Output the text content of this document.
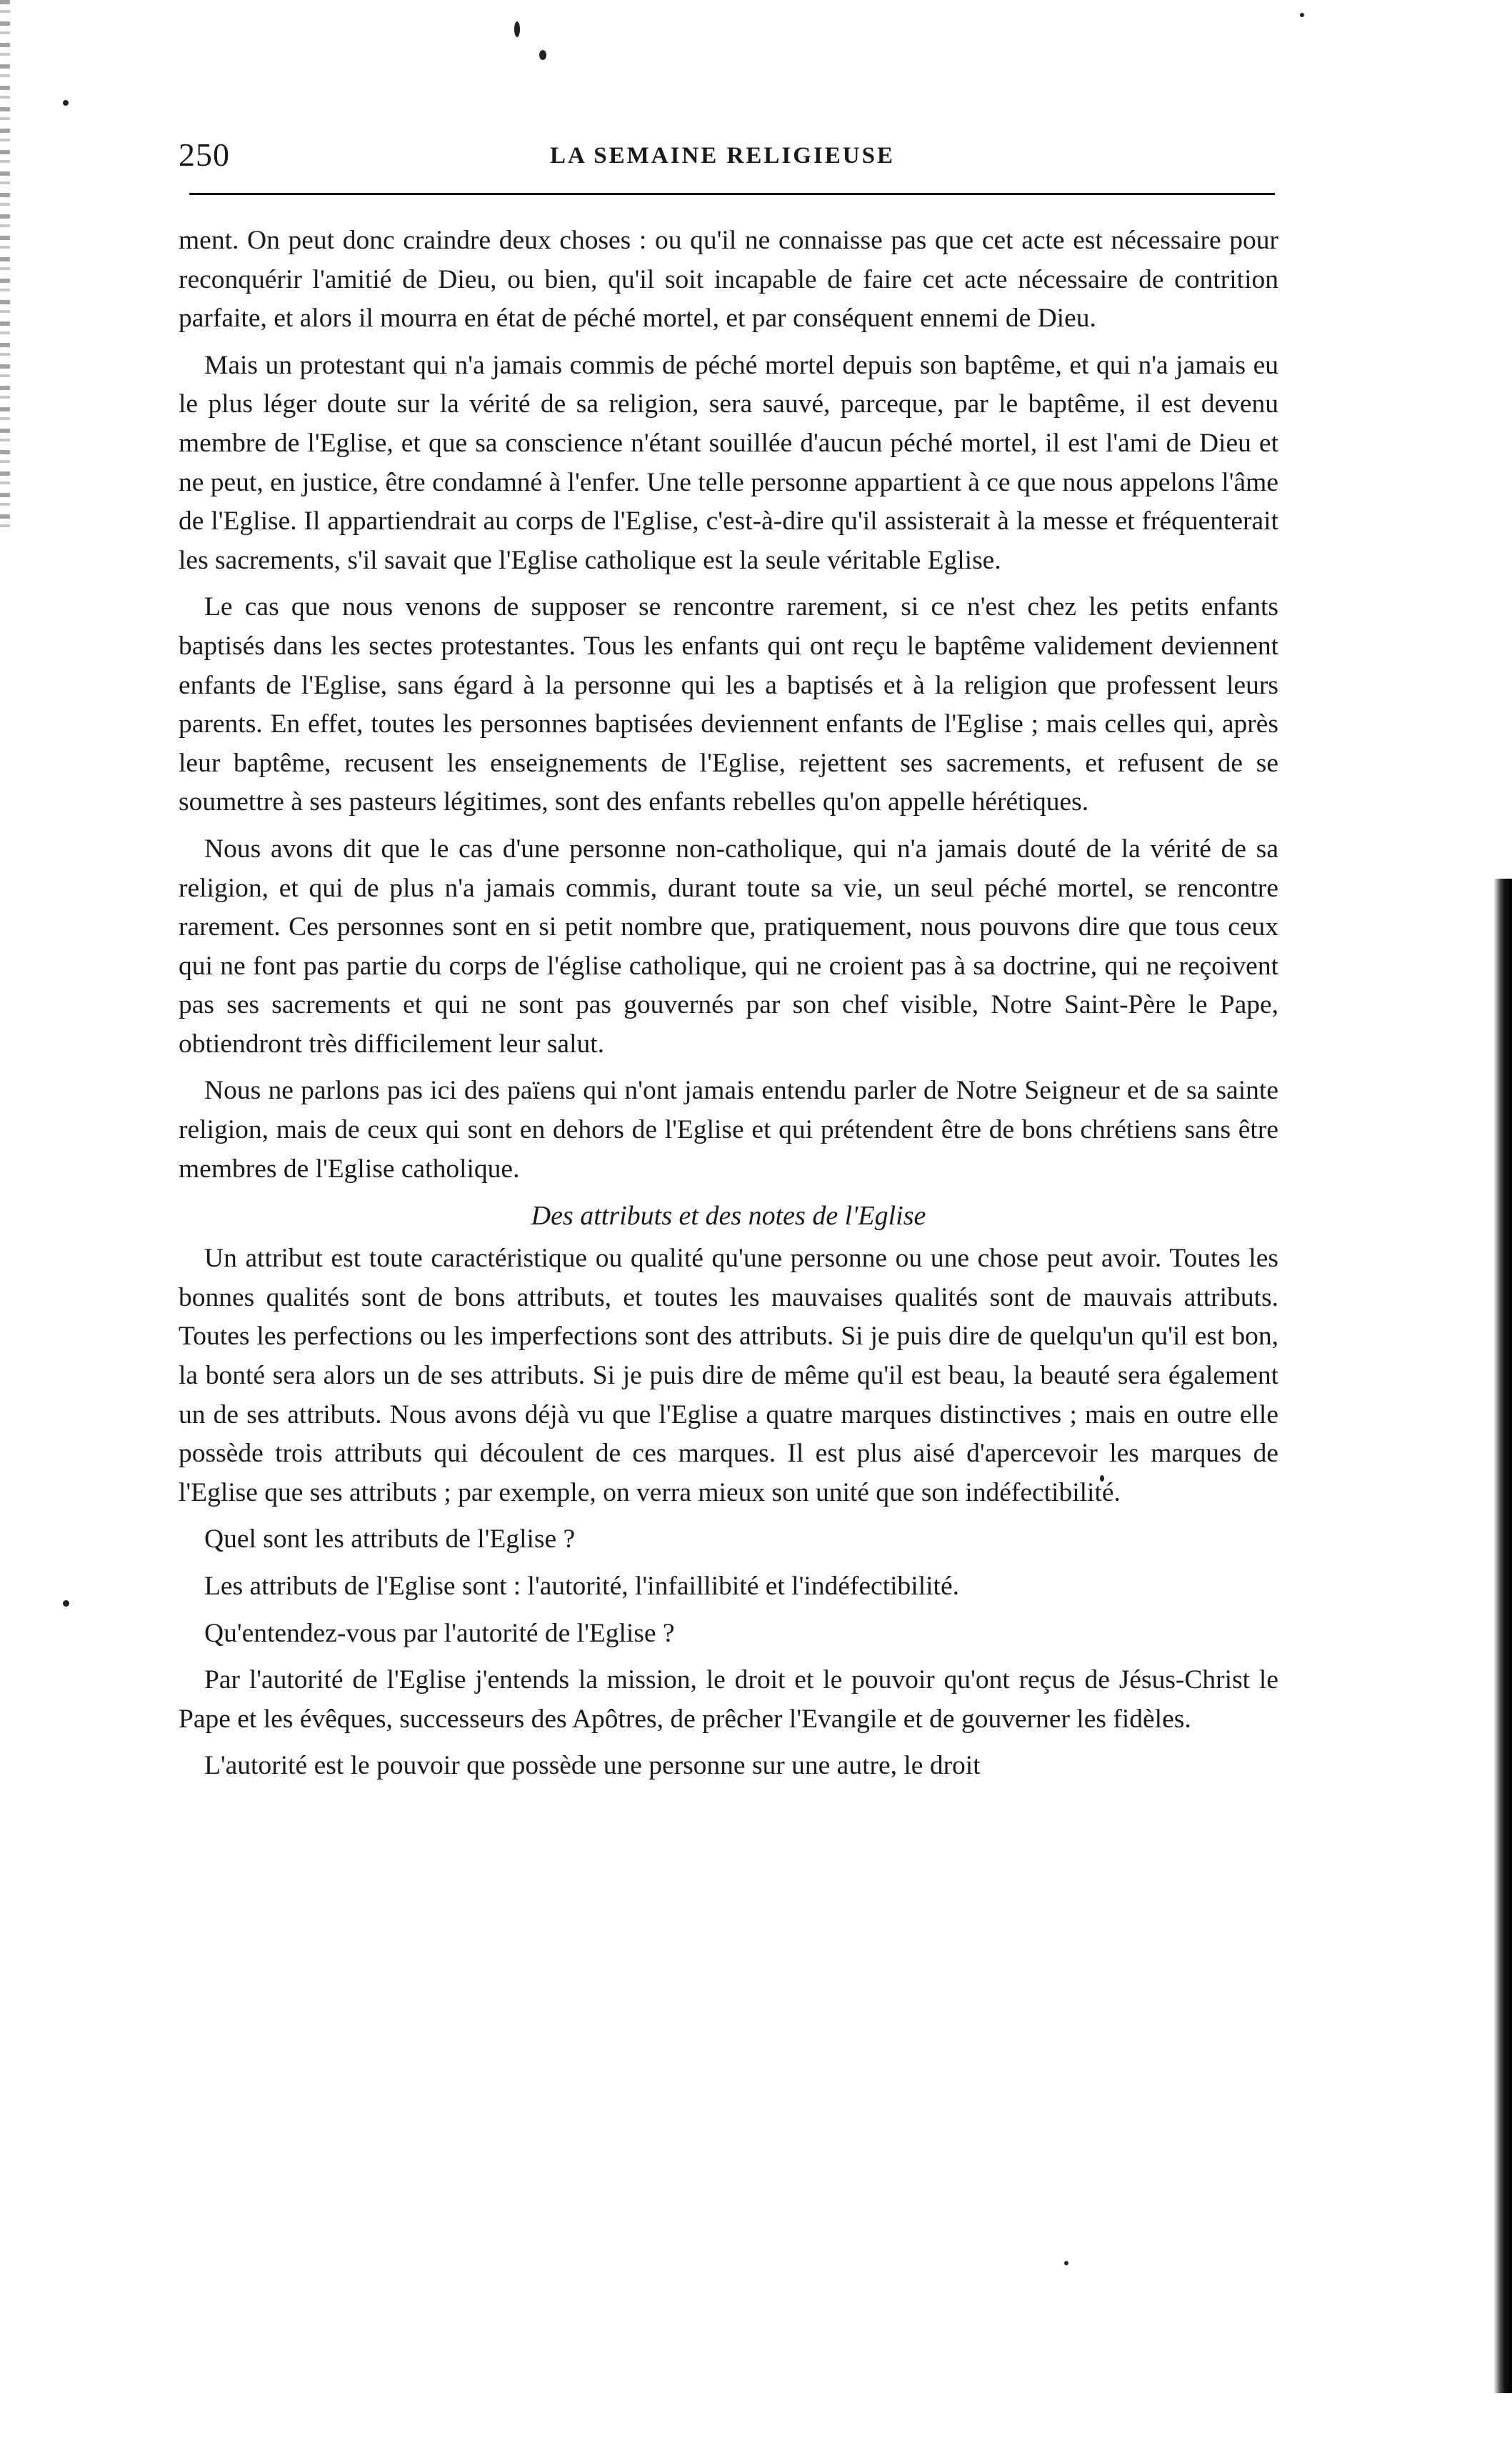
250	LA SEMAINE RELIGIEUSE

ment. On peut donc craindre deux choses : ou qu'il ne connaisse pas que cet acte est nécessaire pour reconquérir l'amitié de Dieu, ou bien, qu'il soit incapable de faire cet acte nécessaire de contrition parfaite, et alors il mourra en état de péché mortel, et par conséquent ennemi de Dieu.

Mais un protestant qui n'a jamais commis de péché mortel depuis son baptême, et qui n'a jamais eu le plus léger doute sur la vérité de sa religion, sera sauvé, parceque, par le baptême, il est devenu membre de l'Eglise, et que sa conscience n'étant souillée d'aucun péché mortel, il est l'ami de Dieu et ne peut, en justice, être condamné à l'enfer. Une telle personne appartient à ce que nous appelons l'âme de l'Eglise. Il appartiendrait au corps de l'Eglise, c'est-à-dire qu'il assisterait à la messe et fréquenterait les sacrements, s'il savait que l'Eglise catholique est la seule véritable Eglise.

Le cas que nous venons de supposer se rencontre rarement, si ce n'est chez les petits enfants baptisés dans les sectes protestantes. Tous les enfants qui ont reçu le baptême validement deviennent enfants de l'Eglise, sans égard à la personne qui les a baptisés et à la religion que professent leurs parents. En effet, toutes les personnes baptisées deviennent enfants de l'Eglise ; mais celles qui, après leur baptême, recusent les enseignements de l'Eglise, rejettent ses sacrements, et refusent de se soumettre à ses pasteurs légitimes, sont des enfants rebelles qu'on appelle hérétiques.

Nous avons dit que le cas d'une personne non-catholique, qui n'a jamais douté de la vérité de sa religion, et qui de plus n'a jamais commis, durant toute sa vie, un seul péché mortel, se rencontre rarement. Ces personnes sont en si petit nombre que, pratiquement, nous pouvons dire que tous ceux qui ne font pas partie du corps de l'église catholique, qui ne croient pas à sa doctrine, qui ne reçoivent pas ses sacrements et qui ne sont pas gouvernés par son chef visible, Notre Saint-Père le Pape, obtiendront très difficilement leur salut.

Nous ne parlons pas ici des païens qui n'ont jamais entendu parler de Notre Seigneur et de sa sainte religion, mais de ceux qui sont en dehors de l'Eglise et qui prétendent être de bons chrétiens sans être membres de l'Eglise catholique.

Des attributs et des notes de l'Eglise

Un attribut est toute caractéristique ou qualité qu'une personne ou une chose peut avoir. Toutes les bonnes qualités sont de bons attributs, et toutes les mauvaises qualités sont de mauvais attributs. Toutes les perfections ou les imperfections sont des attributs. Si je puis dire de quelqu'un qu'il est bon, la bonté sera alors un de ses attributs. Si je puis dire de même qu'il est beau, la beauté sera également un de ses attributs. Nous avons déjà vu que l'Eglise a quatre marques distinctives ; mais en outre elle possède trois attributs qui découlent de ces marques. Il est plus aisé d'apercevoir les marques de l'Eglise que ses attributs ; par exemple, on verra mieux son unité que son indéfectibilité.

Quel sont les attributs de l'Eglise ?

Les attributs de l'Eglise sont : l'autorité, l'infaillibité et l'indéfectibilité.

Qu'entendez-vous par l'autorité de l'Eglise ?

Par l'autorité de l'Eglise j'entends la mission, le droit et le pouvoir qu'ont reçus de Jésus-Christ le Pape et les évêques, successeurs des Apôtres, de prêcher l'Evangile et de gouverner les fidèles.

L'autorité est le pouvoir que possède une personne sur une autre, le droit
